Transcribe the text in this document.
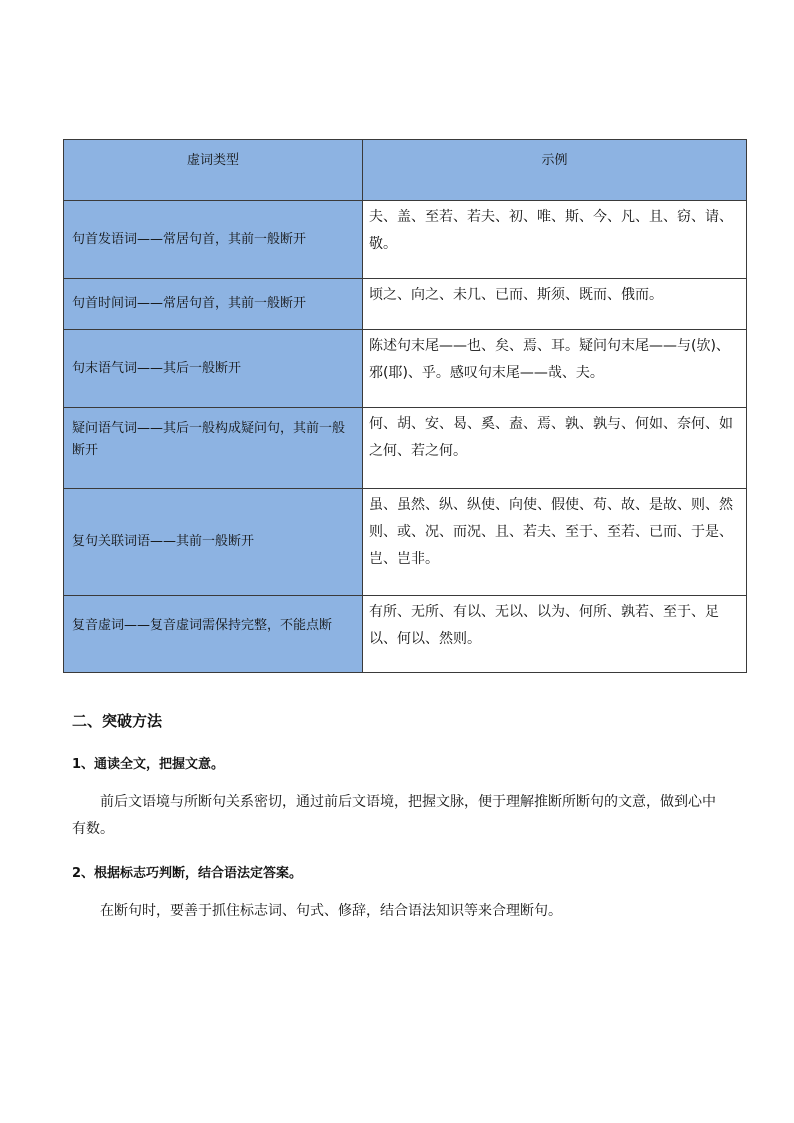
虚词类型	示例
句首发语词——常居句首，其前一般断开	夫、盖、至若、若夫、初、唯、斯、今、凡、且、窃、请、敬。
句首时间词——常居句首，其前一般断开	顷之、向之、未几、已而、斯须、既而、俄而。
句末语气词——其后一般断开	陈述句末尾——也、矣、焉、耳。疑问句末尾——与(欤)、邪(耶)、乎。感叹句末尾——哉、夫。
疑问语气词——其后一般构成疑问句，其前一般断开	何、胡、安、曷、奚、盍、焉、孰、孰与、何如、奈何、如之何、若之何。
复句关联词语——其前一般断开	虽、虽然、纵、纵使、向使、假使、苟、故、是故、则、然则、或、况、而况、且、若夫、至于、至若、已而、于是、岂、岂非。
复音虚词——复音虚词需保持完整，不能点断	有所、无所、有以、无以、以为、何所、孰若、至于、足以、何以、然则。
二、突破方法
1、通读全文，把握文意。
前后文语境与所断句关系密切，通过前后文语境，把握文脉，便于理解推断所断句的文意，做到心中有数。
2、根据标志巧判断，结合语法定答案。
在断句时，要善于抓住标志词、句式、修辞，结合语法知识等来合理断句。
